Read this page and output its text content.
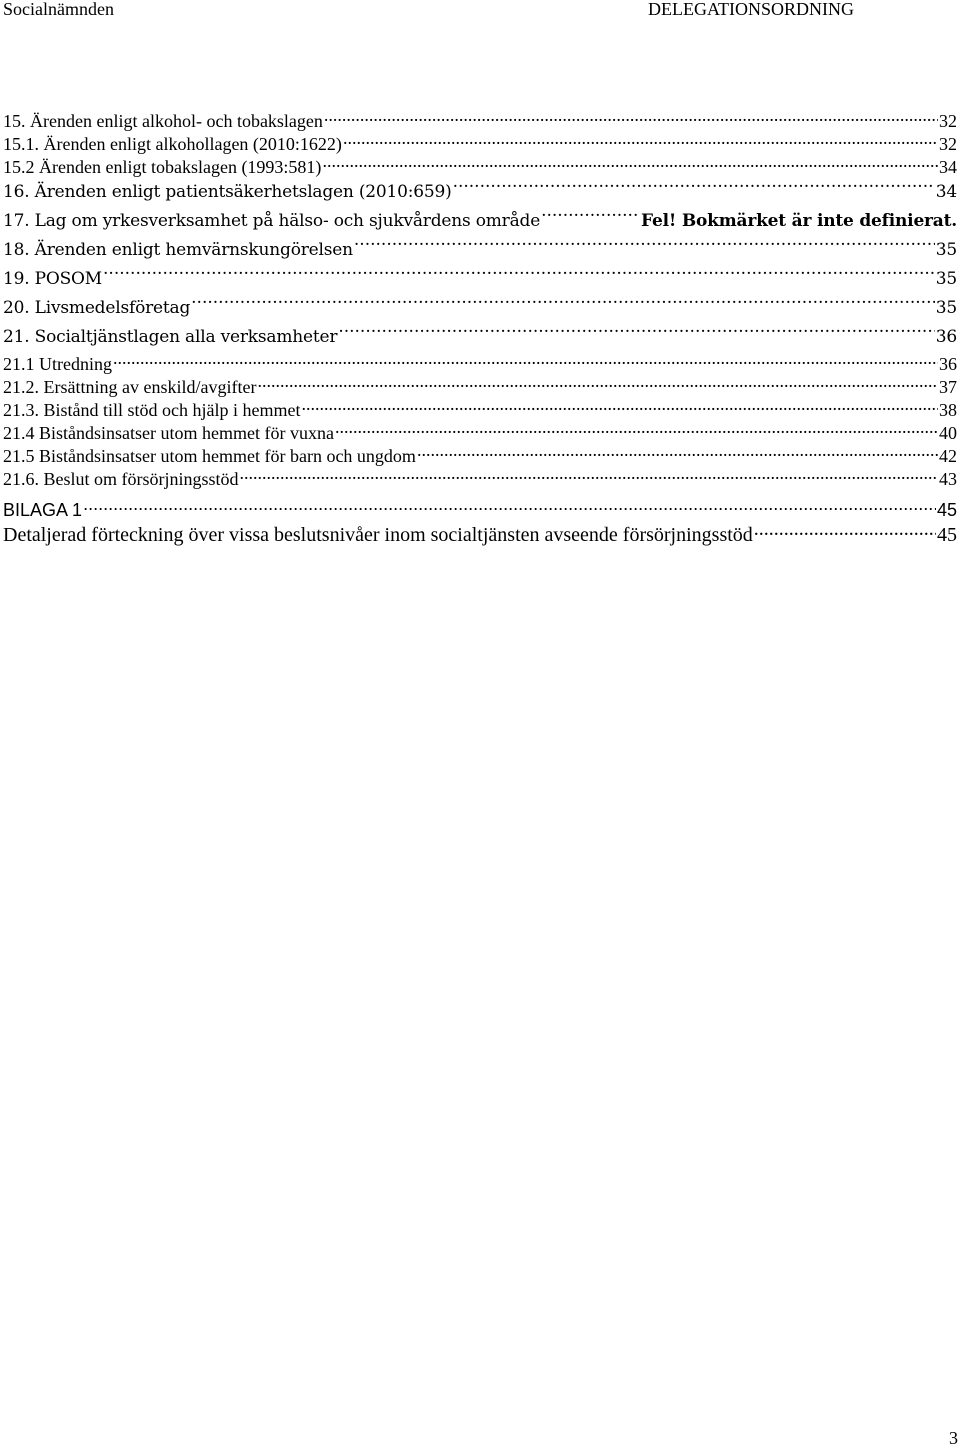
Socialnämnden	DELEGATIONSORDNING
15. Ärenden enligt alkohol- och tobakslagen .....	32
15.1. Ärenden enligt alkohollagen (2010:1622) .....	32
15.2 Ärenden enligt tobakslagen (1993:581) .....	34
16. Ärenden enligt patientsäkerhetslagen (2010:659) .....	34
17. Lag om yrkesverksamhet på hälso- och sjukvårdens område .....	Fel! Bokmärket är inte definierat.
18. Ärenden enligt hemvärnskungörelsen .....	35
19. POSOM .....	35
20. Livsmedelsföretag .....	35
21. Socialtjänstlagen alla verksamheter .....	36
21.1 Utredning .....	36
21.2. Ersättning av enskild/avgifter .....	37
21.3. Bistånd till stöd och hjälp i hemmet .....	38
21.4 Biståndsinsatser utom hemmet för vuxna .....	40
21.5 Biståndsinsatser utom hemmet för barn och ungdom .....	42
21.6. Beslut om försörjningsstöd .....	43
BILAGA 1 .....	45
Detaljerad förteckning över vissa beslutsnivåer inom socialtjänsten avseende försörjningsstöd .....	45
3
